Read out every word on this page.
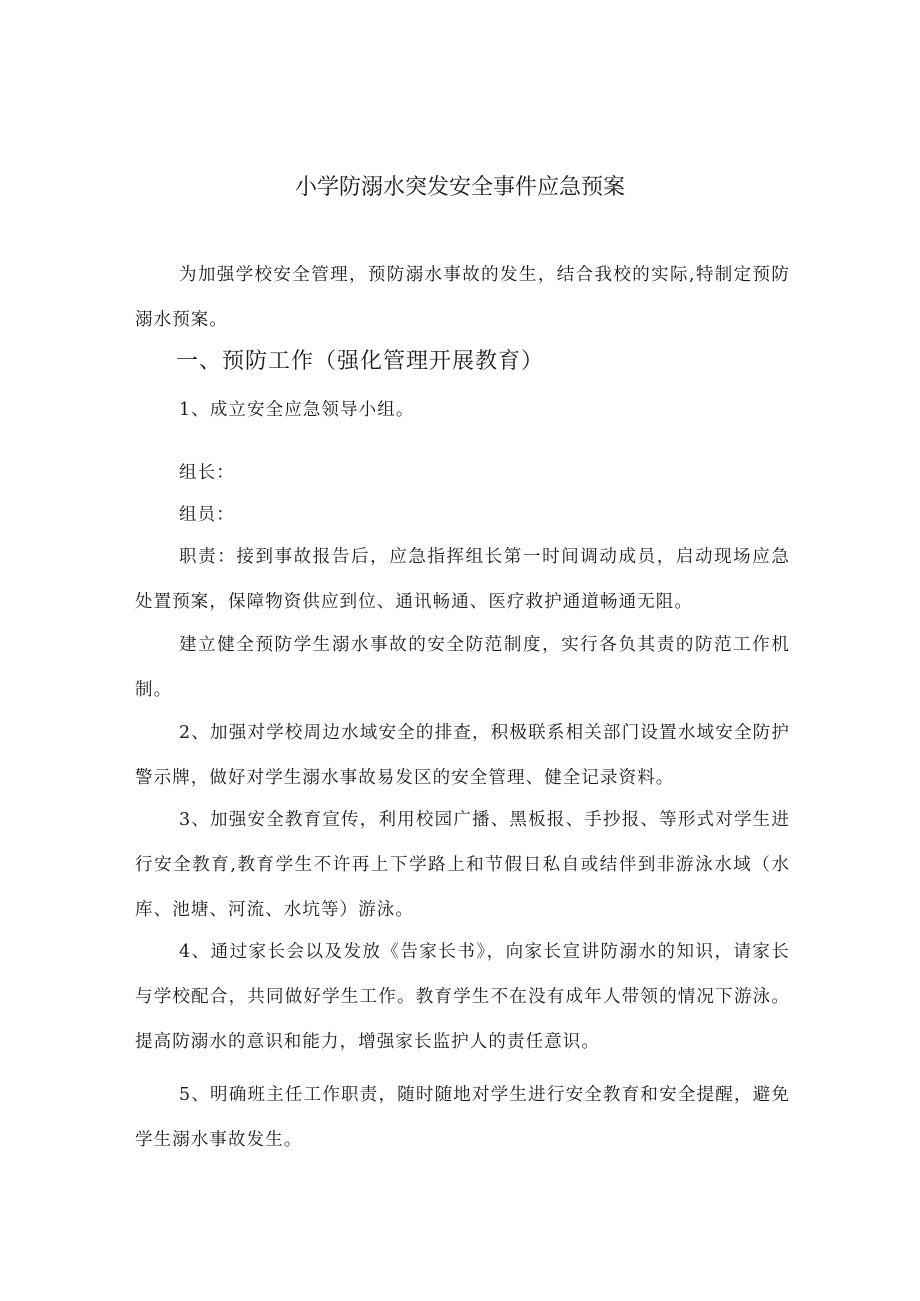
小学防溺水突发安全事件应急预案
为加强学校安全管理，预防溺水事故的发生，结合我校的实际,特制定预防溺水预案。
一、预防工作（强化管理开展教育）
1、成立安全应急领导小组。
组长：
组员：
职责：接到事故报告后，应急指挥组长第一时间调动成员，启动现场应急处置预案，保障物资供应到位、通讯畅通、医疗救护通道畅通无阻。
建立健全预防学生溺水事故的安全防范制度，实行各负其责的防范工作机制。
2、加强对学校周边水域安全的排查，积极联系相关部门设置水域安全防护警示牌，做好对学生溺水事故易发区的安全管理、健全记录资料。
3、加强安全教育宣传，利用校园广播、黑板报、手抄报、等形式对学生进行安全教育,教育学生不许再上下学路上和节假日私自或结伴到非游泳水域（水库、池塘、河流、水坑等）游泳。
4、通过家长会以及发放《告家长书》，向家长宣讲防溺水的知识，请家长与学校配合，共同做好学生工作。教育学生不在没有成年人带领的情况下游泳。提高防溺水的意识和能力，增强家长监护人的责任意识。
5、明确班主任工作职责，随时随地对学生进行安全教育和安全提醒，避免学生溺水事故发生。
